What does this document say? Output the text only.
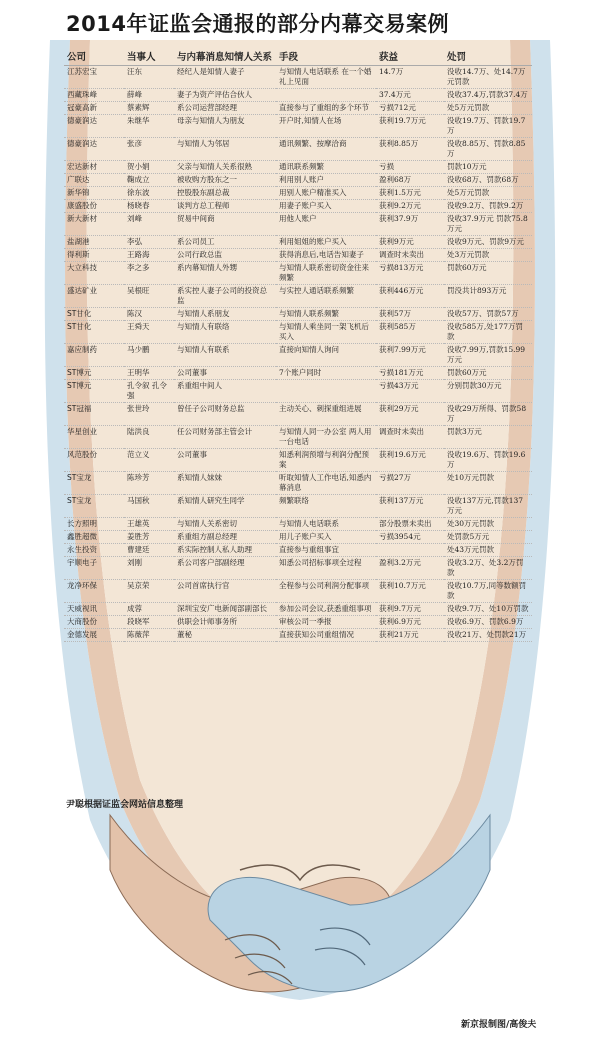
2014年证监会通报的部分内幕交易案例
公司	当事人	与内幕消息知情人关系	手段	获益	处罚
江苏宏宝	汪东	经纪人是知情人妻子	与知情人电话联系 在一个婚礼上见面	14.7万	没收14.7万、处14.7万元罚款
西藏珠峰	薛峰	妻子为资产评估合伙人		37.4万元	没收37.4万,罚款37.4万
冠豪高新	蔡素辉	系公司运营部经理	直接参与了重组的多个环节	亏损712元	处5万元罚款
德豪润达	朱继华	母亲与知情人为朋友	开户时,知情人在场	获利19.7万元	没收19.7万、罚款19.7万
德豪润达	张彦	与知情人为邻居	通讯频繁、按摩洽商	获利8.85万	没收8.85万、罚款8.85万
宏达新材	贺小娟	父亲与知情人关系很熟	通讯联系频繁	亏损	罚款10万元
广联达	鞠成立	被收购方股东之一	利用别人账户	盈利68万	没收68万、罚款68万
新华锦	徐东波	控股股东副总裁	用别人账户精准买入	获利1.5万元	处5万元罚款
康盛股份	杨晓春	谈判方总工程师	用妻子账户买入	获利9.2万元	没收9.2万、罚款9.2万
新大新材	刘峰	贸易中间商	用他人账户	获利37.9万	没收37.9万元 罚款75.8万元
盐湖港	李弘	系公司员工	利用姐姐的账户买入	获利9万元	没收9万元、罚款9万元
得利斯	王路海	公司行政总监	获得消息后,电话告知妻子	调查时未卖出	处3万元罚款
大立科技	李之多	系内幕知情人外甥	与知情人联系密切资金往来频繁	亏损813万元	罚款60万元
盛达矿业	吴根旺	系实控人妻子公司的投资总监	与实控人通话联系频繁	获利446万元	罚没共计893万元
ST甘化	陈汉	与知情人系朋友	与知情人联系频繁	获利57万	没收57万、罚款57万
ST甘化	王舜天	与知情人有联络	与知情人乘坐同一架飞机后买入	获利585万	没收585万,处177万罚款
嘉应制药	马少鹏	与知情人有联系	直接向知情人询问	获利7.99万元	没收7.99万,罚款15.99万元
ST博元	王明华	公司董事	7个账户同时	亏损181万元	罚款60万元
ST博元	孔令叙 孔令强	系重组中间人		亏损43万元	分别罚款30万元
ST冠福	张世玲	曾任子公司财务总监	主动关心、刺探重组进展	获利29万元	没收29万所得、罚款58万
华星创业	陆洪良	任公司财务部主管会计	与知情人同一办公室 两人用一台电话	调查时未卖出	罚款3万元
风范股份	范立义	公司董事	知悉利润预增与利润分配预案	获利19.6万元	没收19.6万、罚款19.6万
ST宝龙	陈珍芳	系知情人妹妹	听取知情人工作电话,知悉内幕消息	亏损27万	处10万元罚款
ST宝龙	马国秋	系知情人研究生同学	频繁联络	获利137万元	没收137万元,罚款137万元
长方照明	王雄英	与知情人关系密切	与知情人电话联系	部分股票未卖出	处30万元罚款
鑫胜超微	姜胜芳	系重组方副总经理	用儿子账户买入	亏损3954元	处罚款5万元
永生投资	曹建廷	系实际控制人私人助理	直接参与重组事宜		处43万元罚款
宇顺电子	刘刚	系公司客户部副经理	知悉公司招标事项全过程	盈利3.2万元	没收3.2万、处3.2万罚款
龙净环保	吴京荣	公司首席执行官	全程参与公司利润分配事项	获利10.7万元	没收10.7万,同等数额罚款
天威视讯	成蓉	深圳宝安广电新闻部副部长	参加公司会议,获悉重组事项	获利9.7万元	没收9.7万、处10万罚款
大商股份	段晓军	供职会计师事务所	审核公司一季报	获利6.9万元	没收6.9万、罚款6.9万
金德发展	陈薇萍	董秘	直接获知公司重组情况	获利21万元	没收21万、处罚款21万
尹聪根据证监会网站信息整理
新京报制图/高俊夫
